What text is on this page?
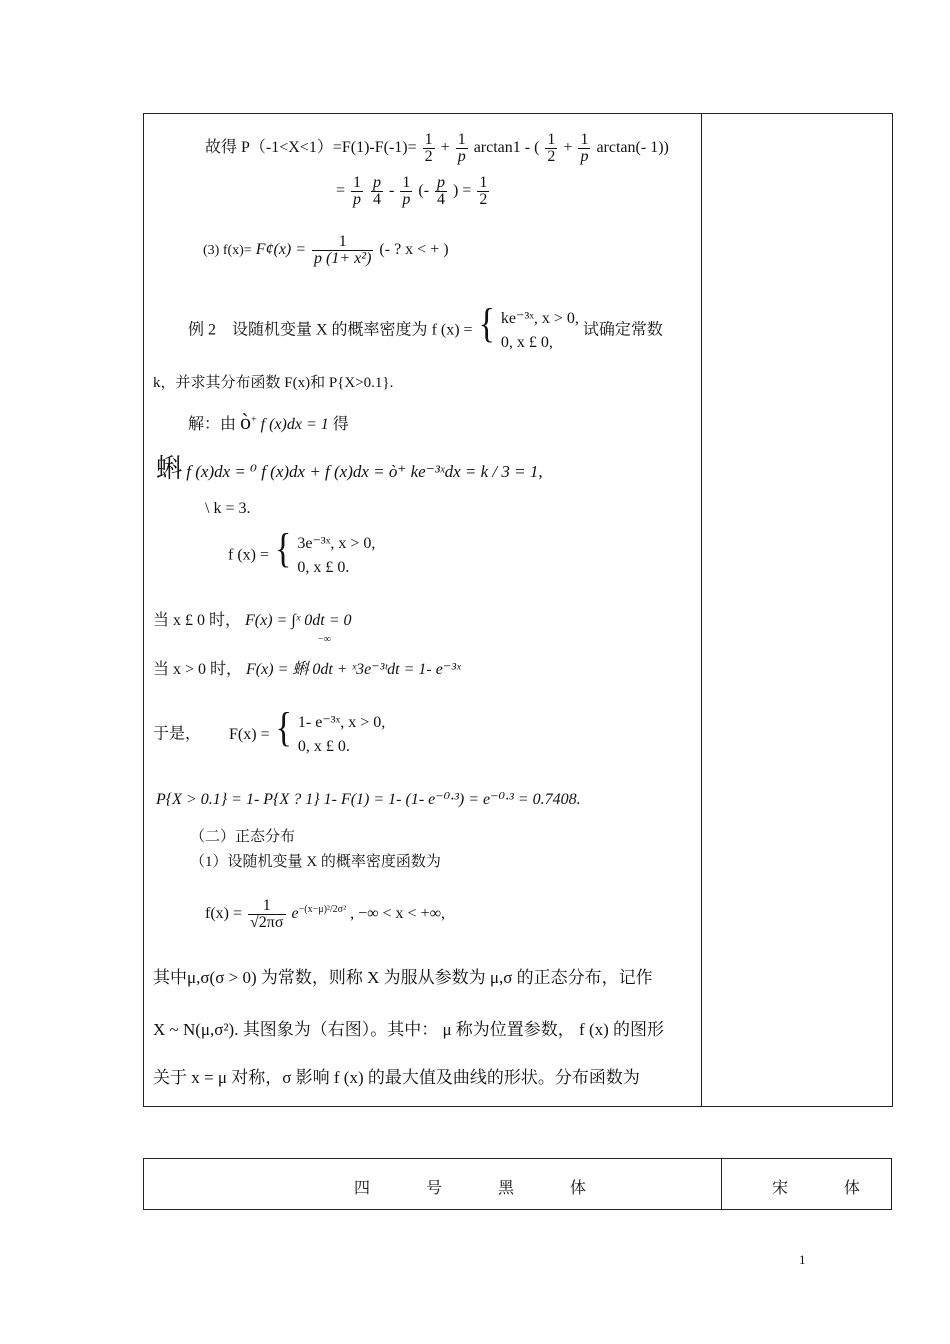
故得 $P(-1<X<1)=F(1)-F(-1)= \frac{1}{2} + \frac{1}{p} \arctan 1$ - ( $\frac{1}{2} + \frac{1}{p} \arctan(-$ 1))
= $\frac{1}{p}$
$\frac{p}{4} - \frac{1}{p}$ (- $\frac{p}{4}$ ) = $\frac{1}{2}$
(3) f(x)= F¢(x) = $\frac{1}{\text{p (1+ x²)}}$ (- ? x < + )
例 2　设随机变量 X 的概率密度为 f (x) = { ke⁻³ˣ, x > 0,
0, x £ 0,
试确定常数
k，并求其分布函数 F(x)和 P{X>0.1}.
解：由 ò+ f (x)dx = 1 得
蝌 f (x)dx = ⁰ f (x)dx + f (x)dx = ò⁺ ke⁻³ˣdx = k / 3 = 1,
\ k = 3.
f (x) = { 3e⁻³ˣ, x > 0,
0, x £ 0.
当 x £ 0 时， F(x) = ∫ˣ 0dt = 0
−∞
当 x > 0 时， F(x) = 蝌 0dt + ˣ3e⁻³ᵗdt = 1- e⁻³ˣ
于是， F(x) = { 1- e⁻³ˣ, x > 0,
0, x £ 0.
P{X > 0.1} = 1- P{X ? 1} 1- F(1) = 1- (1- e⁻⁰·³) = e⁻⁰·³ = 0.7408.
（二）正态分布
（1）设随机变量 X 的概率密度函数为
$f(x) = \frac{1}{√2\pi\sigma} e^{-(x-\mu)^2/2\sigma^2}$ , −∞ < x < +∞,
其中μ,σ(σ > 0) 为常数，则称 X 为服从参数为 μ,σ 的正态分布，记作
X ~ N(μ,σ²). 其图象为（右图）。其中： μ 称为位置参数， f (x) 的图形
关于 x = μ 对称，σ 影响 f (x) 的最大值及曲线的形状。分布函数为
四 号 黑 体	宋 体
1
